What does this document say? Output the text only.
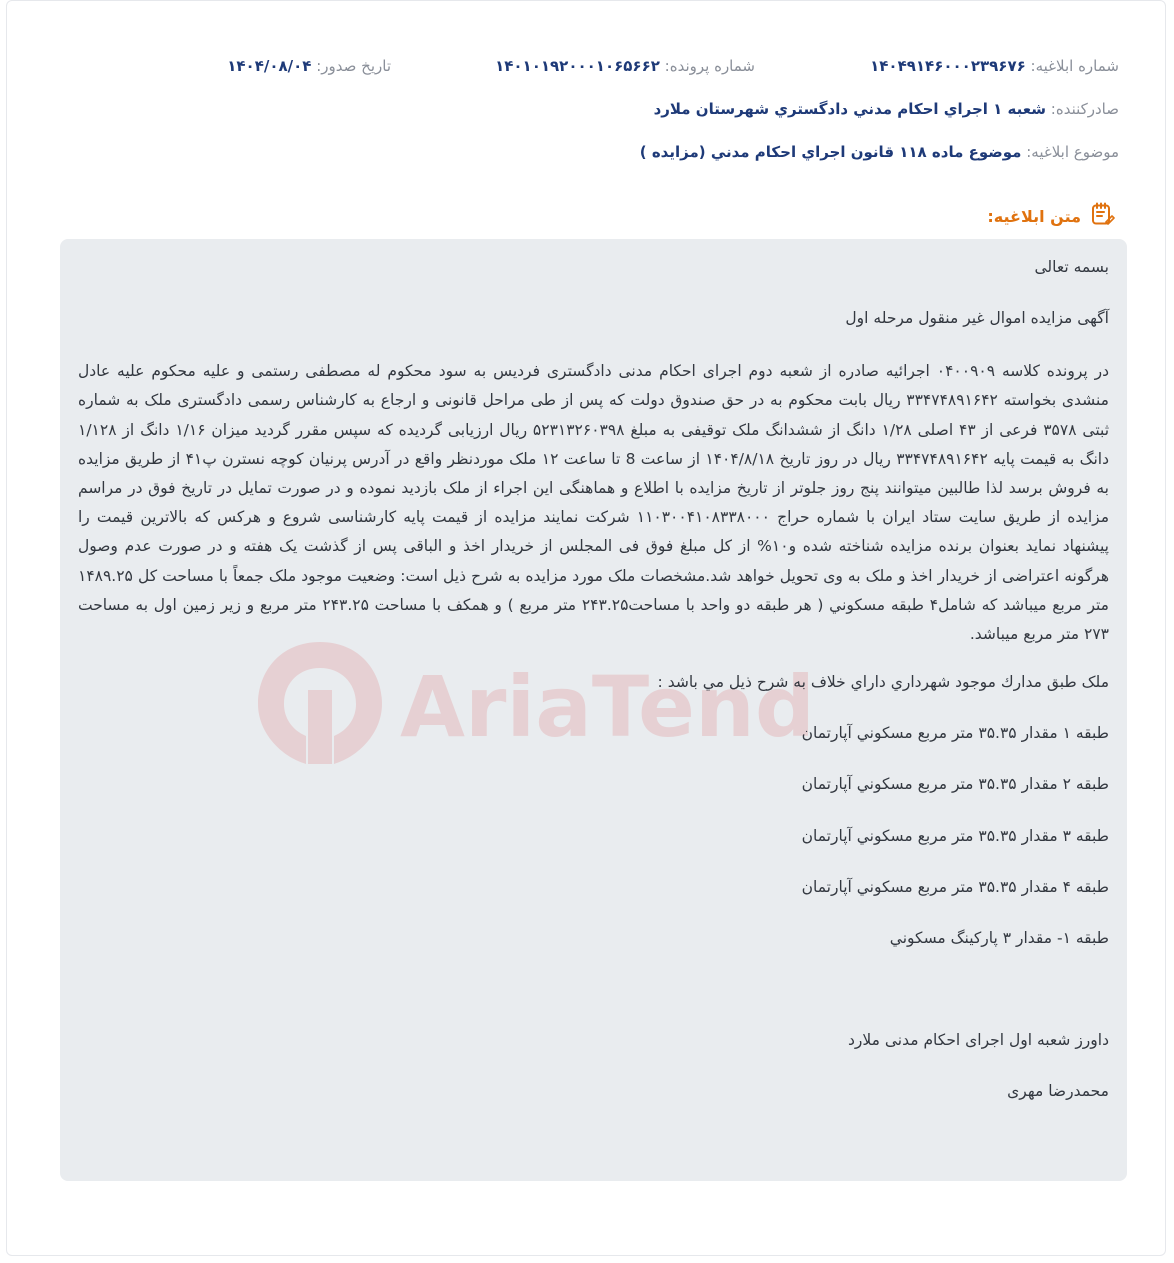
شماره ابلاغيه: ۱۴۰۴۹۱۴۶۰۰۰۲۳۹۶۷۶
شماره پرونده: ۱۴۰۱۰۱۹۲۰۰۰۱۰۶۵۶۶۲
تاريخ صدور: ۱۴۰۴/۰۸/۰۴
صادرکننده: شعبه ۱ اجراي احکام مدني دادگستري شهرستان ملارد
موضوع ابلاغيه: موضوع ماده ۱۱۸ قانون اجراي احکام مدني (مزايده )
متن ابلاغيه:
AriaTend

بسمه تعالی

آگهی مزایده اموال غیر منقول مرحله اول

در پرونده کلاسه ۰۴۰۰۹۰۹ اجرائیه صادره از شعبه دوم اجرای احکام مدنی دادگستری فردیس به سود محکوم له مصطفی رستمی و علیه محکوم علیه عادل منشدی بخواسته ۳۳۴۷۴۸۹۱۶۴۲ ریال بابت محکوم به در حق صندوق دولت که پس از طی مراحل قانونی و ارجاع به کارشناس رسمی دادگستری ملک به شماره ثبتی ۳۵۷۸ فرعی از ۴۳ اصلی ۱/۲۸ دانگ از ششدانگ ملک توقیفی به مبلغ ۵۲۳۱۳۲۶۰۳۹۸ ریال ارزیابی گردیده که سپس مقرر گردید میزان ۱/۱۶ دانگ از ۱/۱۲۸ دانگ به قیمت پایه ۳۳۴۷۴۸۹۱۶۴۲ ریال در روز تاریخ ۱۴۰۴/۸/۱۸ از ساعت 8 تا ساعت ۱۲ ملک موردنظر واقع در آدرس پرنیان کوچه نسترن پ۴۱ از طریق مزایده به فروش برسد لذا طالبین میتوانند پنج روز جلوتر از تاریخ مزایده با اطلاع و هماهنگی این اجراء از ملک بازدید نموده و در صورت تمایل در تاریخ فوق در مراسم مزایده از طریق سایت ستاد ایران با شماره حراج ۱۱۰‎۳۰۰۴۱۰۸۳۳۸۰۰۰ شرکت نمایند مزایده از قیمت پایه کارشناسی شروع و هرکس که بالاترین قیمت را پیشنهاد نماید بعنوان برنده مزایده شناخته شده و۱۰% از کل مبلغ فوق فی المجلس از خریدار اخذ و الباقی پس از گذشت یک هفته و در صورت عدم وصول هرگونه اعتراضی از خریدار اخذ و ملک به وی تحویل خواهد شد.مشخصات ملک مورد مزایده به شرح ذیل است: وضعیت موجود ملک جمعاً با مساحت کل ۱۴۸۹.۲۵ متر مربع میباشد که شامل۴ طبقه مسکوني ( هر طبقه دو واحد با مساحت۲۴۳.۲۵ متر مربع ) و همکف با مساحت ۲۴۳.۲۵ متر مربع و زیر زمین اول به مساحت ۲۷۳ متر مربع میباشد.

ملک طبق مدارك موجود شهرداري داراي خلاف به شرح ذيل مي باشد :

طبقه ۱ مقدار ۳۵.۳۵ متر مربع مسکوني آپارتمان

طبقه ۲ مقدار ۳۵.۳۵ متر مربع مسکوني آپارتمان

طبقه ۳ مقدار ۳۵.۳۵ متر مربع مسکوني آپارتمان

طبقه ۴ مقدار ۳۵.۳۵ متر مربع مسکوني آپارتمان

طبقه ۱- مقدار ۳ پارکينگ مسکوني

داورز شعبه اول اجرای احکام مدنی ملارد

محمدرضا مهری
